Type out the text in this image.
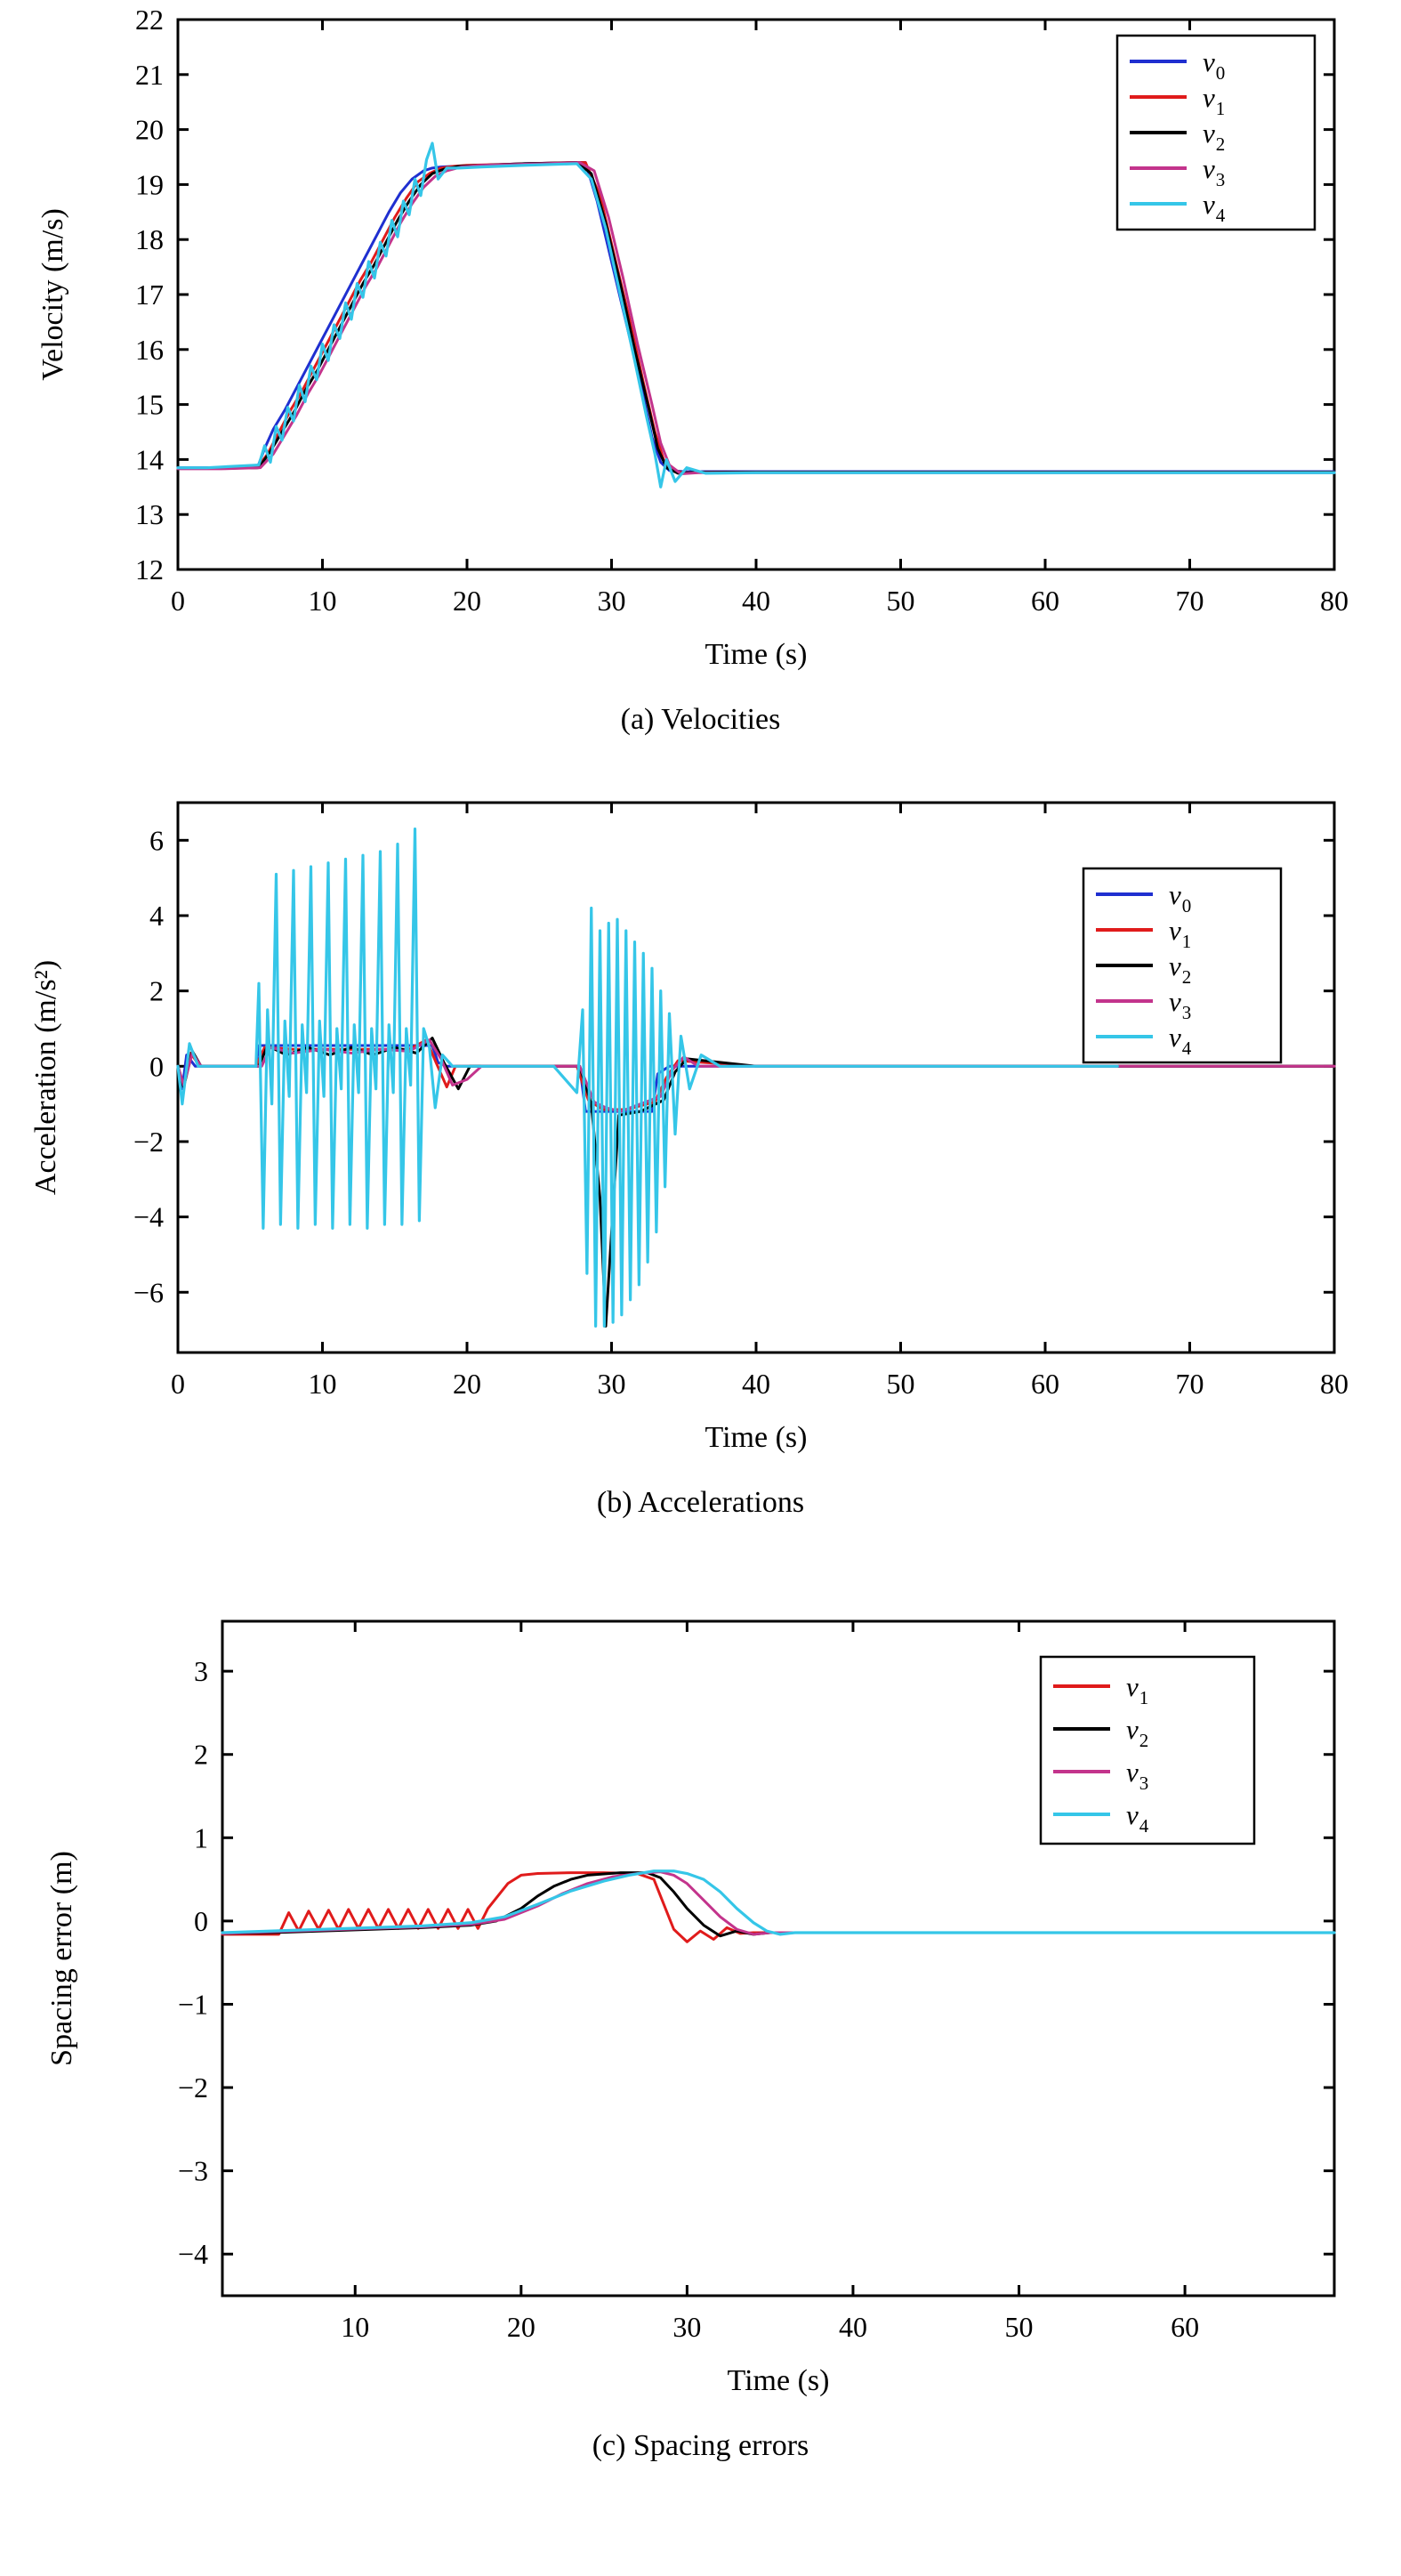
0	10	20	30	40	50	60	70	80
12
13
14
15
16
17
18
19
20
21
22
Time (s)
Velocity (m/s)
$v_0$
$v_1$
$v_2$
$v_3$
$v_4$
(a) Velocities
0	10	20	30	40	50	60	70	80
−6
−4
−2
0
2
4
6
Time (s)
Acceleration (m/s²)
$v_0$
$v_1$
$v_2$
$v_3$
$v_4$
(b) Accelerations
10	20	30	40	50	60
−4
−3
−2
−1
0
1
2
3
Time (s)
Spacing error (m)
$v_1$
$v_2$
$v_3$
$v_4$
(c) Spacing errors
